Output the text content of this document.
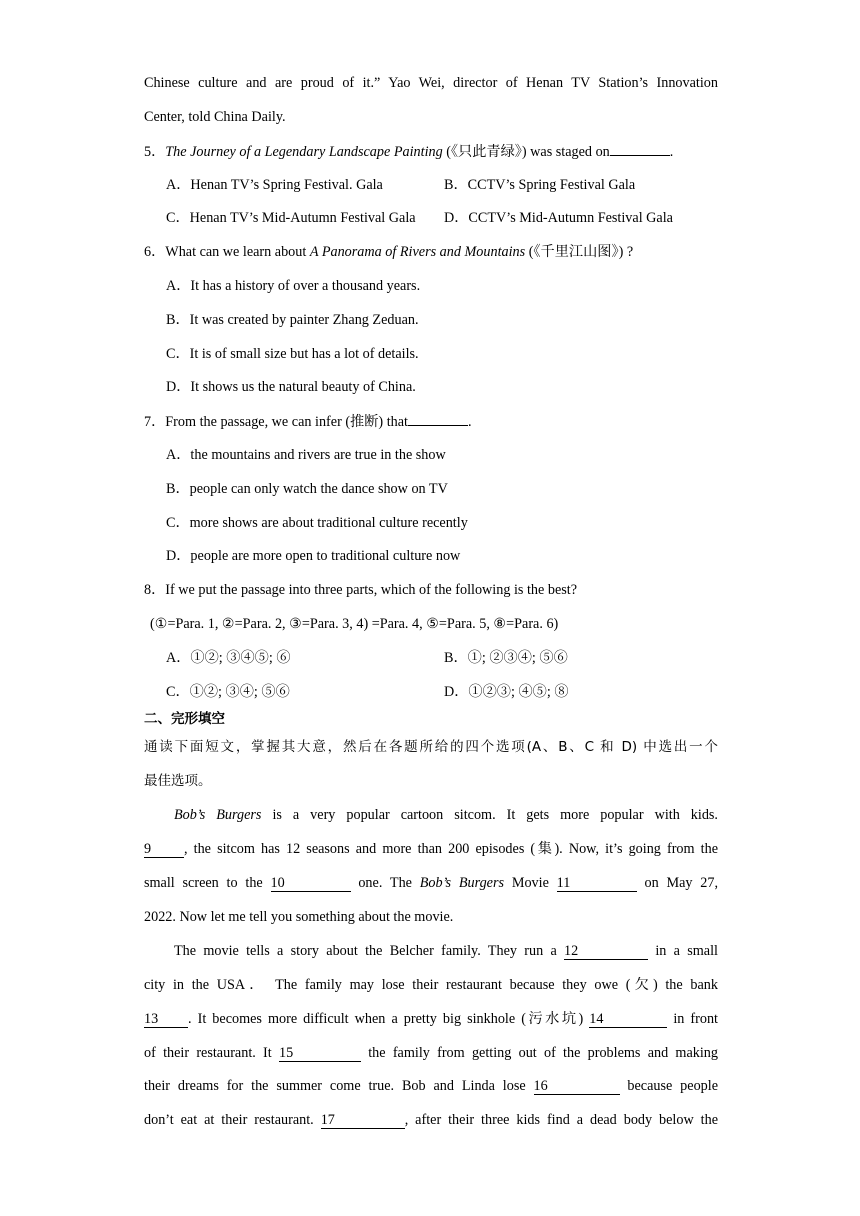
Chinese culture and are proud of it.” Yao Wei, director of Henan TV Station’s Innovation
Center, told China Daily.
5．The Journey of a Legendary Landscape Painting (《只此青绿》) was staged on	.
A．Henan TV’s Spring Festival. Gala	B．CCTV’s Spring Festival Gala
C．Henan TV’s Mid-Autumn Festival Gala D．CCTV’s Mid-Autumn Festival Gala
6．What can we learn about A Panorama of Rivers and Mountains (《千里江山图》) ?
A．It has a history of over a thousand years.
B．It was created by painter Zhang Zeduan.
C．It is of small size but has a lot of details.
D．It shows us the natural beauty of China.
7．From the passage, we can infer (推断) that	.
A．the mountains and rivers are true in the show
B．people can only watch the dance show on TV
C．more shows are about traditional culture recently
D．people are more open to traditional culture now
8．If we put the passage into three parts, which of the following is the best?
(①=Para. 1, ②=Para. 2, ③=Para. 3, 4) =Para. 4, ⑤=Para. 5, ⑧=Para. 6)
A．①②; ③④⑤; ⑥	B．①; ②③④; ⑤⑥
C．①②; ③④; ⑤⑥	D．①②③; ④⑤; ⑧
二、完形填空
通读下面短文，掌握其大意，然后在各题所给的四个选项(A、B、C 和 D) 中选出一个
最佳选项。
Bob’s Burgers is a very popular cartoon sitcom. It gets more popular with kids.
9 , the sitcom has 12 seasons and more than 200 episodes (集). Now, it’s going from the
small screen to the 10	one. The Bob’s Burgers Movie 11	on May 27,
2022. Now let me tell you something about the movie.
The movie tells a story about the Belcher family. They run a 12	in a small
city in the USA． The family may lose their restaurant because they owe (欠) the bank
13 . It becomes more difficult when a pretty big sinkhole (污水坑) 14	in front
of their restaurant. It 15	the family from getting out of the problems and making
their dreams for the summer come true. Bob and Linda lose 16	because people
don’t eat at their restaurant. 17	, after their three kids find a dead body below the
